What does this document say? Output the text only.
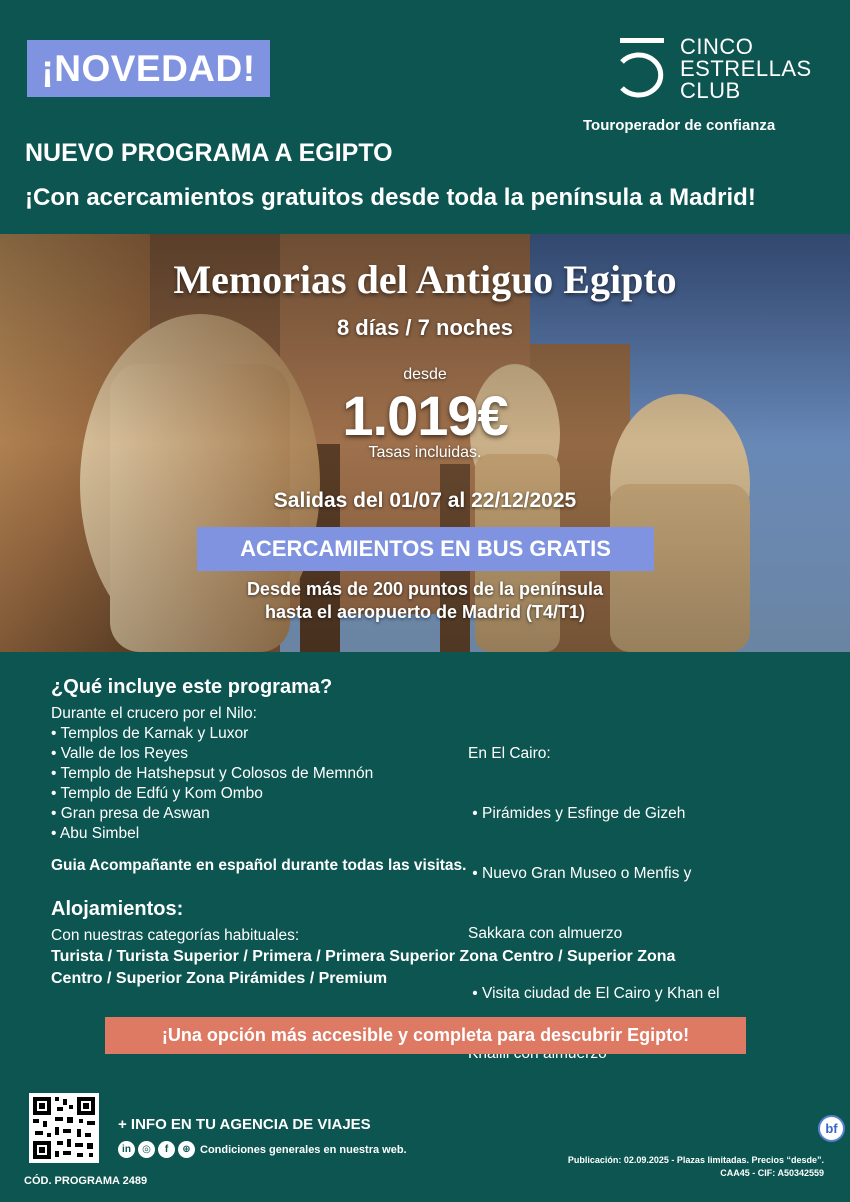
¡NOVEDAD!
CINCO
ESTRELLAS
CLUB
Touroperador de confianza
NUEVO PROGRAMA A EGIPTO
¡Con acercamientos gratuitos desde toda la península a Madrid!
Memorias del Antiguo Egipto
8 días / 7 noches
desde
1.019€
Tasas incluidas.
Salidas del 01/07 al 22/12/2025
ACERCAMIENTOS EN BUS GRATIS
Desde más de 200 puntos de la península
hasta el aeropuerto de Madrid (T4/T1)
¿Qué incluye este programa?
Durante el crucero por el Nilo:
• Templos de Karnak y Luxor
• Valle de los Reyes
• Templo de Hatshepsut y Colosos de Memnón
• Templo de Edfú y Kom Ombo
• Gran presa de Aswan
• Abu Simbel

En El Cairo:

• Pirámides y Esfinge de Gizeh

• Nuevo Gran Museo o Menfis y

Sakkara con almuerzo

• Visita ciudad de El Cairo y Khan el

Guia Acompañante en español durante todas las visitas.
Alojamientos:
Con nuestras categorías habituales:
Turista / Turista Superior / Primera / Primera Superior Zona Centro / Superior Zona
Centro / Superior Zona Pirámides / Premium
¡Una opción más accesible y completa para descubrir Egipto!
+ INFO EN TU AGENCIA DE VIAJES
in	◎	f	⊕ Condiciones generales en nuestra web.
CÓD. PROGRAMA 2489
Publicación: 02.09.2025 - Plazas limitadas. Precios “desde”.
CAA45 - CIF: A50342559
bf
